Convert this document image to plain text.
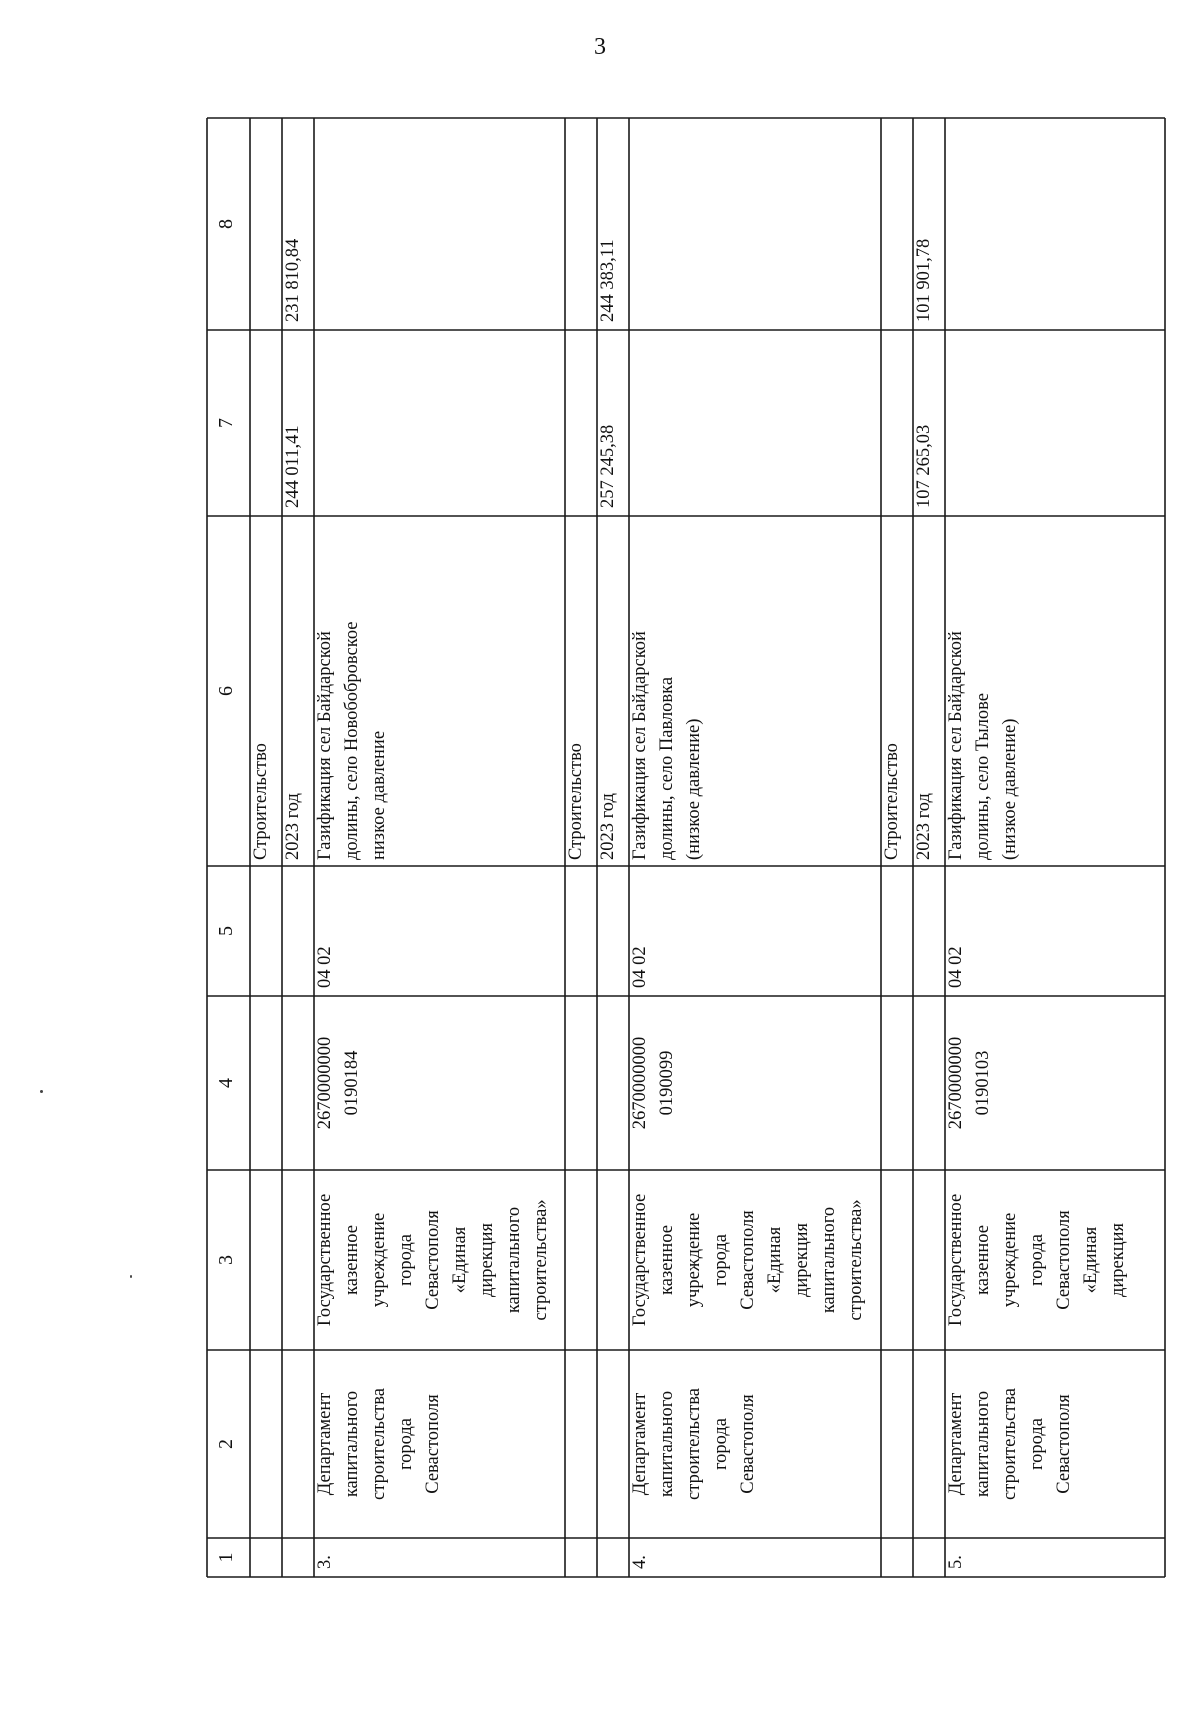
3
1
2
3
4
5
6
7
8
Строительство 2023 год
244 011,41
231 810,84
3.
Департамент капитального строительства города Севастополя
Государственное казенное учреждение города Севастополя «Единая дирекция капитального строительства»
2670000000 0190184
04 02
Газификация сел Байдарской долины, село Новобобровское низкое давление	Строительство 2023 год
257 245,38
244 383,11
4.
Департамент капитального строительства города Севастополя
Государственное казенное учреждение города Севастополя «Единая дирекция капитального строительства»
2670000000 0190099
04 02
Газификация сел Байдарской долины, село Павловка (низкое давление)	Строительство 2023 год
107 265,03
101 901,78
5.
Департамент капитального строительства города Севастополя
Государственное казенное учреждение города Севастополя «Единая дирекция
2670000000 0190103
04 02
Газификация сел Байдарской долины, село Тылове (низкое давление)
